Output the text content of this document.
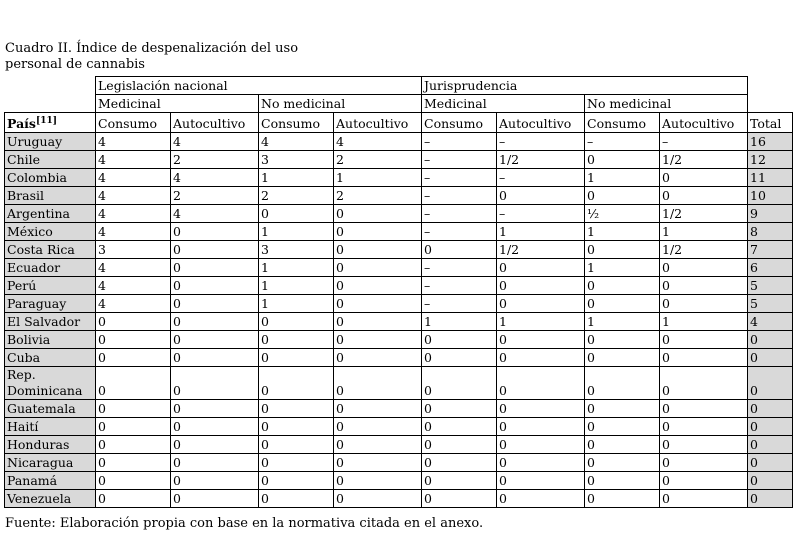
Cuadro II. Índice de despenalización del uso
personal de cannabis
	Legislación nacional				Jurisprudencia				
	Medicinal		No medicinal		Medicinal		No medicinal		
País[11]	Consumo	Autocultivo	Consumo	Autocultivo	Consumo	Autocultivo	Consumo	Autocultivo	Total
Uruguay	4	4	4	4	–	–	–	–	16
Chile	4	2	3	2	–	1/2	0	1/2	12
Colombia	4	4	1	1	–	–	1	0	11
Brasil	4	2	2	2	–	0	0	0	10
Argentina	4	4	0	0	–	–	½	1/2	9
México	4	0	1	0	–	1	1	1	8
Costa Rica	3	0	3	0	0	1/2	0	1/2	7
Ecuador	4	0	1	0	–	0	1	0	6
Perú	4	0	1	0	–	0	0	0	5
Paraguay	4	0	1	0	–	0	0	0	5
El Salvador	0	0	0	0	1	1	1	1	4
Bolivia	0	0	0	0	0	0	0	0	0
Cuba	0	0	0	0	0	0	0	0	0
Rep. Dominicana	0	0	0	0	0	0	0	0	0
Guatemala	0	0	0	0	0	0	0	0	0
Haití	0	0	0	0	0	0	0	0	0
Honduras	0	0	0	0	0	0	0	0	0
Nicaragua	0	0	0	0	0	0	0	0	0
Panamá	0	0	0	0	0	0	0	0	0
Venezuela	0	0	0	0	0	0	0	0	0
Fuente: Elaboración propia con base en la normativa citada en el anexo.
